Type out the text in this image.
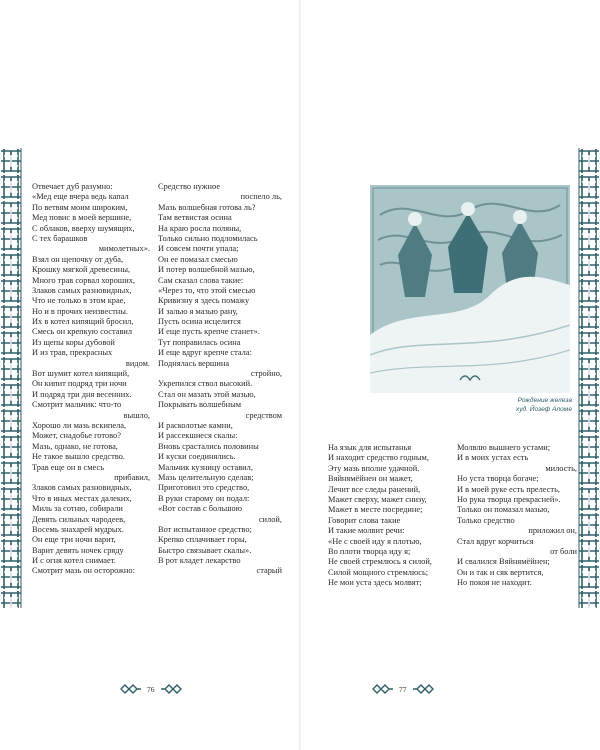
Отвечает дуб разумно:
«Мед еще вчера ведь капал
По ветвям моим широким,
Мед повис в моей вершине,
С облаков, вверху шумящих,
С тех барашков
мимолетных».
Взял он щепочку от дуба,
Крошку мягкой древесины,
Много трав сорвал хороших,
Злаков самых разновидных,
Что не только в этом крае,
Но и в прочих неизвестны.
Их в котел кипящий бросил,
Смесь он крепкую составил
Из щепы коры дубовой
И из трав, прекрасных
видом.
Вот шумит котел кипящий,
Он кипит подряд три ночи
И подряд три дня весенних.
Смотрит мальчик: что-то
вышло,
Хорошо ли мазь вскипела,
Может, снадобье готово?
Мазь, однако, не готова,
Не такое вышло средство.
Трав еще он в смесь
прибавил,
Злаков самых разновидных,
Что в иных местах далеких,
Миль за сотню, собирали
Девять сильных чародеев,
Восемь знахарей мудрых.
Он еще три ночи варит,
Варит девять ночек сряду
И с огня котел снимает.
Смотрит мазь он осторожно:
Средство нужное
поспело ль,
Мазь волшебная готова ль?
Там ветвистая осина
На краю росла поляны,
Только сильно подломилась
И совсем почти упала;
Он ее помазал смесью
И потер волшебной мазью,
Сам сказал слова такие:
«Через то, что этой смесью
Кривизну я здесь помажу
И залью я мазью рану,
Пусть осина исцелится
И еще пусть крепче станет».
Тут поправилась осина
И еще вдруг крепче стала:
Поднялась вершина
стройно,
Укрепился ствол высокий.
Стал он мазать этой мазью,
Покрывать волшебным
средством
И расколотые камни,
И рассекшиеся скалы:
Вновь срастались половины
И куски соединялись.
Мальчик кузницу оставил,
Мазь целительную сделав;
Приготовил это средство,
В руки старому он подал:
«Вот состав с большою
силой,
Вот испытанное средство;
Крепко сплачивает горы,
Быстро связывает скалы».
В рот кладет лекарство
старый
Рождение железа
худ. Йозеф Аломе
На язык для испытанья
И находит средство годным,
Эту мазь вполне удачной.
Вяйнямёйнен он мажет,
Лечит все следы ранений,
Мажет сверху, мажет снизу,
Мажет в месте посредине;
Говорит слова такие
И такие молвит речи:
«Не с своей иду я плотью,
Во плоти творца иду я;
Не своей стремлюсь я силой,
Силой мощного стремлюсь;
Не мои уста здесь молвят;
Молвлю вышнего устами;
И в моих устах есть
милость,
Но уста творца богаче;
И в моей руке есть прелесть,
Но рука творца прекрасней».
Только он помазал мазью,
Только средство
приложил он,
Стал вдруг корчиться
от боли
И свалился Вяйнямёйнен;
Он и так и сяк вертится,
Но покоя не находит.
76	77
